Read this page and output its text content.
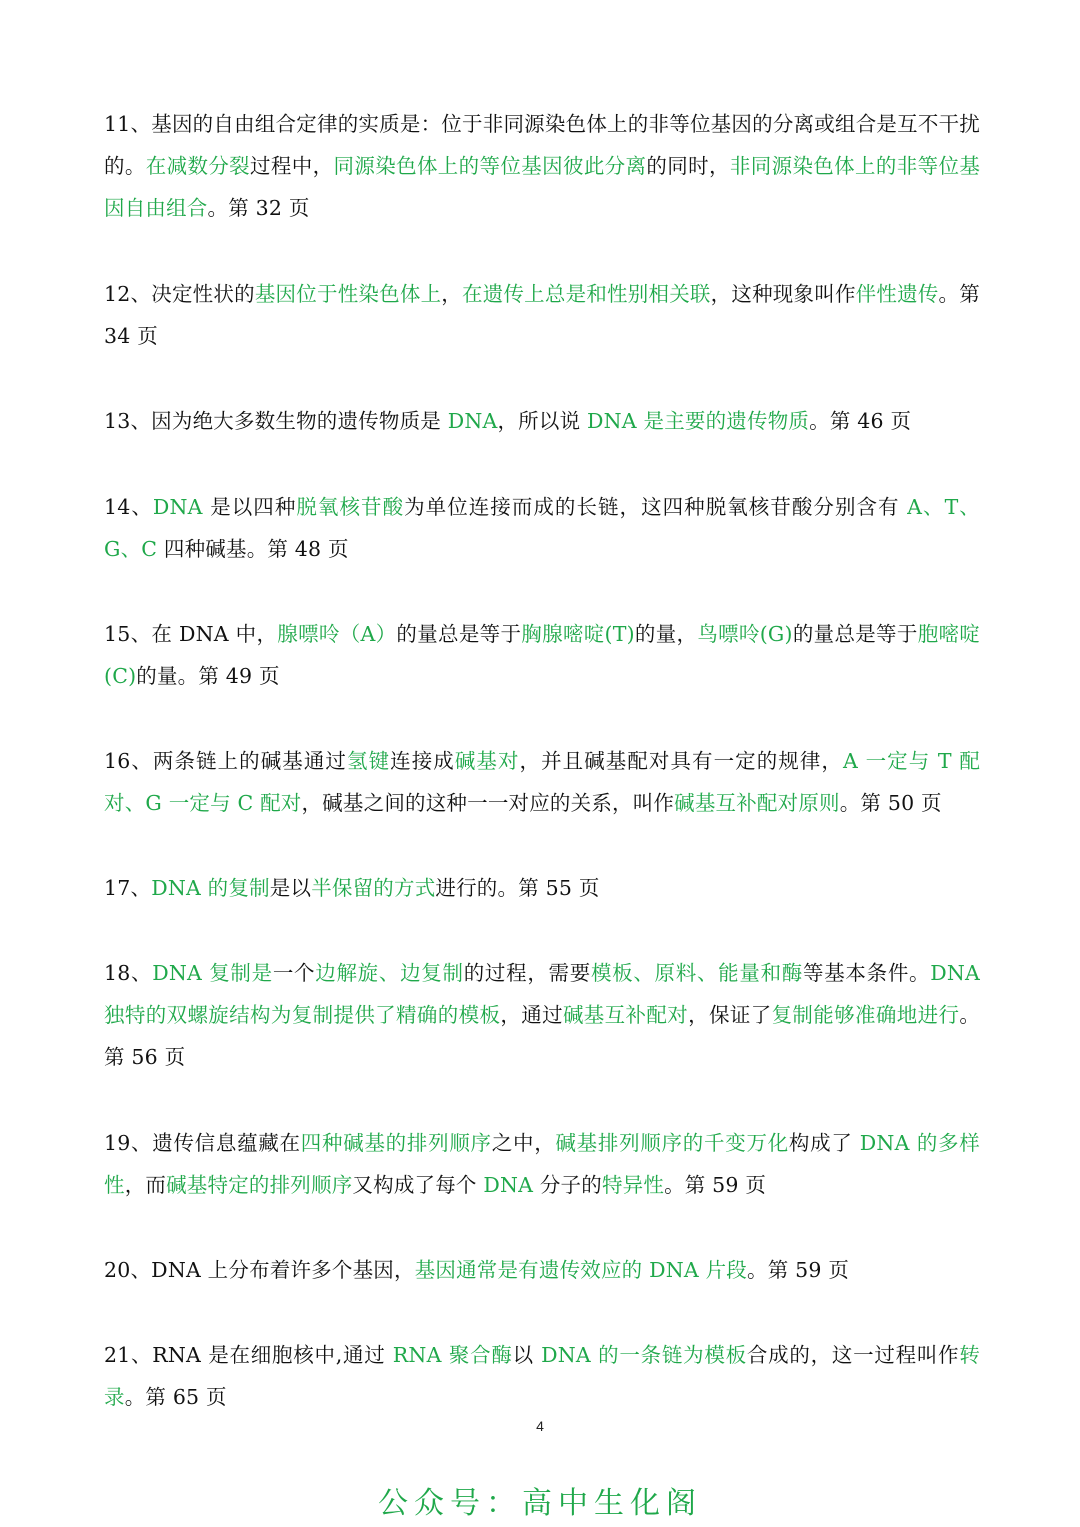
11、基因的自由组合定律的实质是：位于非同源染色体上的非等位基因的分离或组合是互不干扰的。在减数分裂过程中，同源染色体上的等位基因彼此分离的同时，非同源染色体上的非等位基因自由组合。第 32 页

12、决定性状的基因位于性染色体上，在遗传上总是和性别相关联，这种现象叫作伴性遗传。第 34 页

13、因为绝大多数生物的遗传物质是 DNA，所以说 DNA 是主要的遗传物质。第 46 页

14、DNA 是以四种脱氧核苷酸为单位连接而成的长链，这四种脱氧核苷酸分别含有 A、T、G、C 四种碱基。第 48 页

15、在 DNA 中，腺嘌呤（A）的量总是等于胸腺嘧啶(T)的量，鸟嘌呤(G)的量总是等于胞嘧啶(C)的量。第 49 页

16、两条链上的碱基通过氢键连接成碱基对，并且碱基配对具有一定的规律，A 一定与 T 配对、G 一定与 C 配对，碱基之间的这种一一对应的关系，叫作碱基互补配对原则。第 50 页

17、DNA 的复制是以半保留的方式进行的。第 55 页

18、DNA 复制是一个边解旋、边复制的过程，需要模板、原料、能量和酶等基本条件。DNA 独特的双螺旋结构为复制提供了精确的模板，通过碱基互补配对，保证了复制能够准确地进行。第 56 页

19、遗传信息蕴藏在四种碱基的排列顺序之中，碱基排列顺序的千变万化构成了 DNA 的多样性，而碱基特定的排列顺序又构成了每个 DNA 分子的特异性。第 59 页

20、DNA 上分布着许多个基因，基因通常是有遗传效应的 DNA 片段。第 59 页

21、RNA 是在细胞核中,通过 RNA 聚合酶以 DNA 的一条链为模板合成的，这一过程叫作转录。第 65 页

4
公众号：高中生化阁
